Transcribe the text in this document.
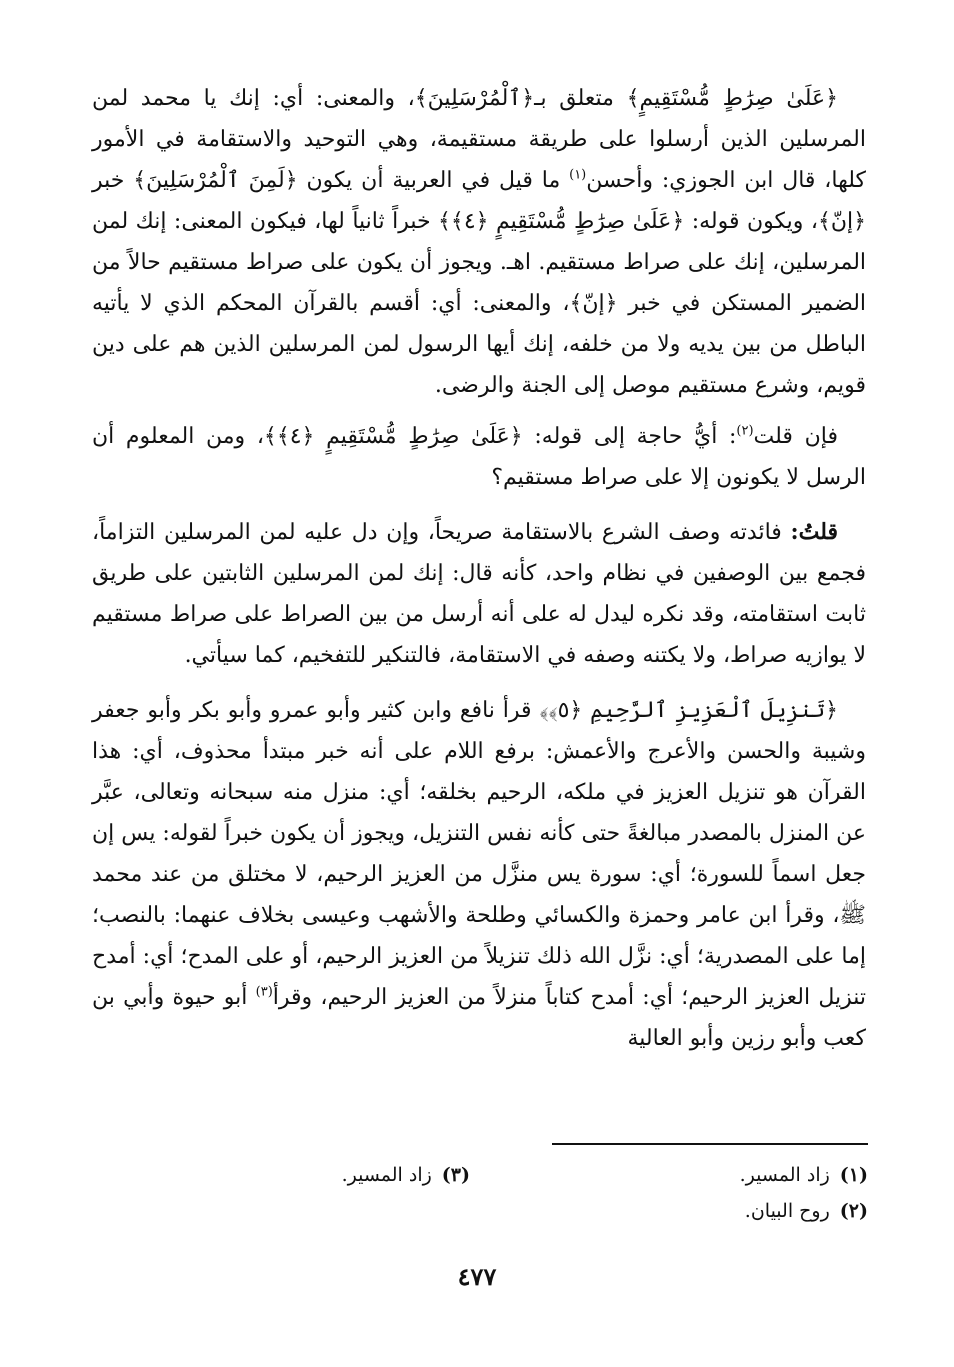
﴿عَلَىٰ صِرَٰطٍ مُّسْتَقِيمٍ﴾ متعلق بـ﴿ٱلْمُرْسَلِينَ﴾، والمعنى: أي: إنك يا محمد لمن المرسلين الذين أرسلوا على طريقة مستقيمة، وهي التوحيد والاستقامة في الأمور كلها، قال ابن الجوزي: وأحسن$^{(١)}$ ما قيل في العربية أن يكون ﴿لَمِنَ ٱلْمُرْسَلِينَ﴾ خبر ﴿إنّ﴾، ويكون قوله: ﴿عَلَىٰ صِرَٰطٍ مُّسْتَقِيمٍ ﴿٤﴾﴾ خبراً ثانياً لها، فيكون المعنى: إنك لمن المرسلين، إنك على صراط مستقيم. اهـ. ويجوز أن يكون على صراط مستقيم حالاً من الضمير المستكن في خبر ﴿إنّ﴾، والمعنى: أي: أقسم بالقرآن المحكم الذي لا يأتيه الباطل من بين يديه ولا من خلفه، إنك أيها الرسول لمن المرسلين الذين هم على دين قويم، وشرع مستقيم موصل إلى الجنة والرضى.

فإن قلت$^{(٢)}$: أيُّ حاجة إلى قوله: ﴿عَلَىٰ صِرَٰطٍ مُّسْتَقِيمٍ ﴿٤﴾﴾، ومن المعلوم أن الرسل لا يكونون إلا على صراط مستقيم؟

قلتُ: فائدته وصف الشرع بالاستقامة صريحاً، وإن دل عليه لمن المرسلين التزاماً، فجمع بين الوصفين في نظام واحد، كأنه قال: إنك لمن المرسلين الثابتين على طريق ثابت استقامته، وقد نكره ليدل له على أنه أرسل من بين الصراط على صراط مستقيم لا يوازيه صراط، ولا يكتنه وصفه في الاستقامة، فالتنكير للتفخيم، كما سيأتي.

﴿تَنزِيلَ ٱلْعَزِيزِ ٱلرَّحِيمِ ﴿٥﴾﴾ قرأ نافع وابن كثير وأبو عمرو وأبو بكر وأبو جعفر وشيبة والحسن والأعرج والأعمش: برفع اللام على أنه خبر مبتدأ محذوف، أي: هذا القرآن هو تنزيل العزيز في ملكه، الرحيم بخلقه؛ أي: منزل منه سبحانه وتعالى، عبَّر عن المنزل بالمصدر مبالغةً حتى كأنه نفس التنزيل، ويجوز أن يكون خبراً لقوله: يس إن جعل اسماً للسورة؛ أي: سورة يس منزَّل من العزيز الرحيم، لا مختلق من عند محمد ﷺ، وقرأ ابن عامر وحمزة والكسائي وطلحة والأشهب وعيسى بخلاف عنهما: بالنصب؛ إما على المصدرية؛ أي: نزَّل الله ذلك تنزيلاً من العزيز الرحيم، أو على المدح؛ أي: أمدح تنزيل العزيز الرحيم؛ أي: أمدح كتاباً منزلاً من العزيز الرحيم، وقرأ$^{(٣)}$ أبو حيوة وأبي بن كعب وأبو رزين وأبو العالية

(١)زاد المسير.
(٢)روح البيان.
(٣)زاد المسير.
٤٧٧
